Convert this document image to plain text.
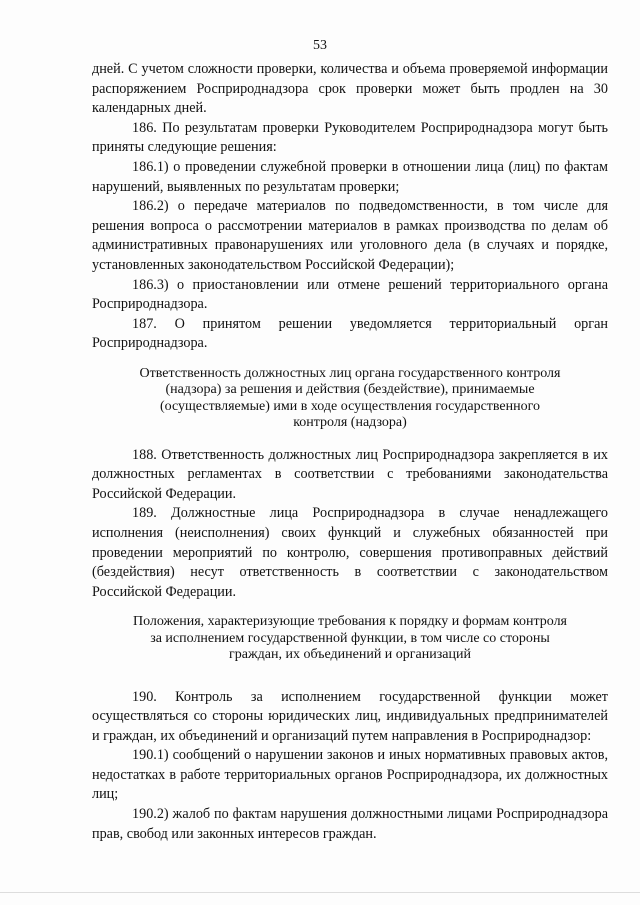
53

дней. С учетом сложности проверки, количества и объема проверяемой информации распоряжением Росприроднадзора срок проверки может быть продлен на 30 календарных дней.

186. По результатам проверки Руководителем Росприроднадзора могут быть приняты следующие решения:

186.1) о проведении служебной проверки в отношении лица (лиц) по фактам нарушений, выявленных по результатам проверки;

186.2) о передаче материалов по подведомственности, в том числе для решения вопроса о рассмотрении материалов в рамках производства по делам об административных правонарушениях или уголовного дела (в случаях и порядке, установленных законодательством Российской Федерации);

186.3) о приостановлении или отмене решений территориального органа Росприроднадзора.

187. О принятом решении уведомляется территориальный орган Росприроднадзора.

Ответственность должностных лиц органа государственного контроля (надзора) за решения и действия (бездействие), принимаемые (осуществляемые) ими в ходе осуществления государственного контроля (надзора)

188. Ответственность должностных лиц Росприроднадзора закрепляется в их должностных регламентах в соответствии с требованиями законодательства Российской Федерации.

189. Должностные лица Росприроднадзора в случае ненадлежащего исполнения (неисполнения) своих функций и служебных обязанностей при проведении мероприятий по контролю, совершения противоправных действий (бездействия) несут ответственность в соответствии с законодательством Российской Федерации.

Положения, характеризующие требования к порядку и формам контроля за исполнением государственной функции, в том числе со стороны граждан, их объединений и организаций

190. Контроль за исполнением государственной функции может осуществляться со стороны юридических лиц, индивидуальных предпринимателей и граждан, их объединений и организаций путем направления в Росприроднадзор:

190.1) сообщений о нарушении законов и иных нормативных правовых актов, недостатках в работе территориальных органов Росприроднадзора, их должностных лиц;

190.2) жалоб по фактам нарушения должностными лицами Росприроднадзора прав, свобод или законных интересов граждан.
